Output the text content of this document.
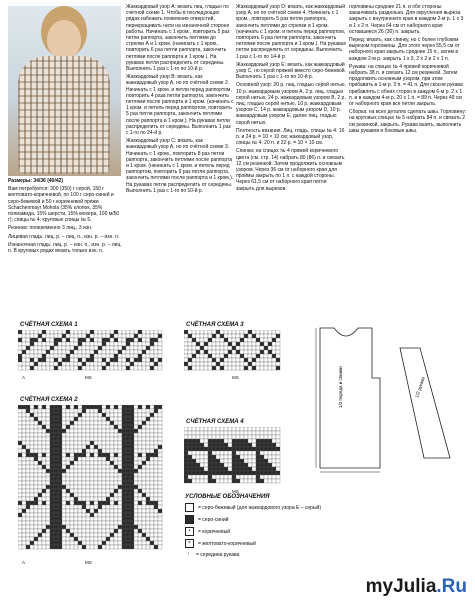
Размеры: 34/36 (40/42)

Вам потребуется: 300 (350) г серой, 150 г желтовато-коричневой, по 100 г серо-синей и серо-бежевой и 50 г коричневой пряжи Schachenmayr Mohola (35% хлопок, 35% полиамида, 15% шерсти, 15% мохера, 100 м/50 г); спицы № 4; круговые спицы № 5.

Резинка: попеременно 3 лиц., 3 изн.

Лицевая гладь: лиц. р. – лиц. п., изн. р. – изн. п.

Изнаночная гладь: лиц. р. – изн. п., изн. р. – лиц. п. В круговых рядах вязать только изн. п.

Жаккардовый узор А: вязать лиц. гладью по счётной схеме 1. Чтобы в последующих рядах избежать появления отверстий, перекрещивать нити на изнаночной стороне работы. Начинать с 1 кром., повторить 5 раз петли раппорта, закончить петлями до стрелки А и 1 кром. (начинать с 1 кром., повторить 6 раз петли раппорта, закончить петлями после раппорта и 1 кром.). На рукавах петли распределить от середины. Выполнить 1 раз с 1-го по 10-й р.

Жаккардовый узор В: вязать, как жаккардовый узор А, но по счётной схеме 2. Начинать с 1 кром. и петли перед раппортом, повторить 4 раза петли раппорта, закончить петлями после раппорта и 1 кром. (начинать с 1 кром. и петель перед раппортом, повторить 5 раз петли раппорта, закончить петлями после раппорта и 1 кром.). На рукавах петли распределить от середины. Выполнить 1 раз с 1-го по 24-й р.

Жаккардовый узор С: вязать, как жаккардовый узор А, но по счётной схеме 3. Начинать с 1 кром., повторить 8 раз петли раппорта, закончить петлями после раппорта и 1 кром. (начинать с 1 кром. и петель перед раппортом, повторить 9 раз петли раппорта, закончить петлями после раппорта и 1 кром.). На рукавах петли распределить от середины. Выполнить 1 раз с 1-го по 10-й р.

Жаккардовый узор D: вязать, как жаккардовый узор А, но по счётной схеме 4. Начинать с 1 кром., повторить 5 раз петли раппорта, закончить петлями до стрелки и 1 кром. (начинать с 1 кром. и петель перед раппортом, повторить 6 раз петли раппорта, закончить петлями после раппорта и 1 кром.). На рукавах петли распределить от середины. Выполнить 1 раз с 1-го по 14-й р.

Жаккардовый узор Е: вязать, как жаккардовый узор С, но серой пряжей вместо серо-бежевой. Выполнить 1 раз с 1-го по 10-й р.

Основной узор: 20 р. лиц. гладью серой нитью, 10 р. жаккардовым узором А, 2 р. лиц. гладью серой нитью, 24 р. жаккардовым узором В, 2 р. лиц. гладью серой нитью, 10 р. жаккардовым узором С, 14 р. жаккардовым узором D, 10 р. жаккардовым узором Е, далее лиц. гладью серой нитью.

Плотность вязания. Лиц. гладь, спицы № 4: 16 п. и 24 р. = 10 × 10 см; жаккардовый узор, спицы № 4: 20 п. и 22 р. = 10 × 10 см.

Спинка: на спицах № 4 пряжей коричневого цвета (см. стр. 14) набрать 80 (86) п. и связать 12 см резинкой. Затем продолжить основным узором. Через 36 см от наборного края для проймы закрыть по 1 п. с каждой стороны. Через 61,5 см от наборного края петли закрыть для вырезов.

горловины средние 21 п. и обе стороны заканчивать раздельно. Для округления выреза закрыть с внутреннего края в каждом 2-м р. 1 х 3 и 1 х 2 п. Через 64 см от наборного края оставшиеся 26 (30) п. закрыть.

Перед: вязать, как спинку, но с более глубоким вырезом горловины. Для этого через 55,5 см от наборного края закрыть средние 15 п., затем в каждом 2-м р. закрыть 1 х 3, 2 х 2 и 2 х 1 п.

Рукава: на спицах № 4 пряжей коричневой набрать 38 п. и связать 12 см резинкой. Затем продолжить основным узором, при этом прибавить в 1-м р. 3 п. = 41 п. Для скосов рукава прибавлять с обеих сторон в каждом 6-м р. 2 х 1 п. и в каждом 4-м р. 20 х 1 п. = 89 п. Через 49 см от наборного края все петли закрыть.

Сборка: на всех деталях сделать швы. Горловину: на круговых спицах № 5 набрать 84 п. и связать 2 см резинкой, закрыть. Рукава вшить, выполнить швы рукавов и боковые швы.

СЧЁТНАЯ СХЕМА 1	СЧЁТНАЯ СХЕМА 3
СЧЁТНАЯ СХЕМА 2
СЧЁТНАЯ СХЕМА 4
A	MS
A	MS
MS
MS
1/2 переда и спинки	1/2 рукава
УСЛОВНЫЕ ОБОЗНАЧЕНИЯ
= серо-бежевый (для жаккардового узора Е – серый)
= серо-синий
•	= коричневый
×	= желтовато-коричневый
↑	= середина рукава
myJulia.Ru
